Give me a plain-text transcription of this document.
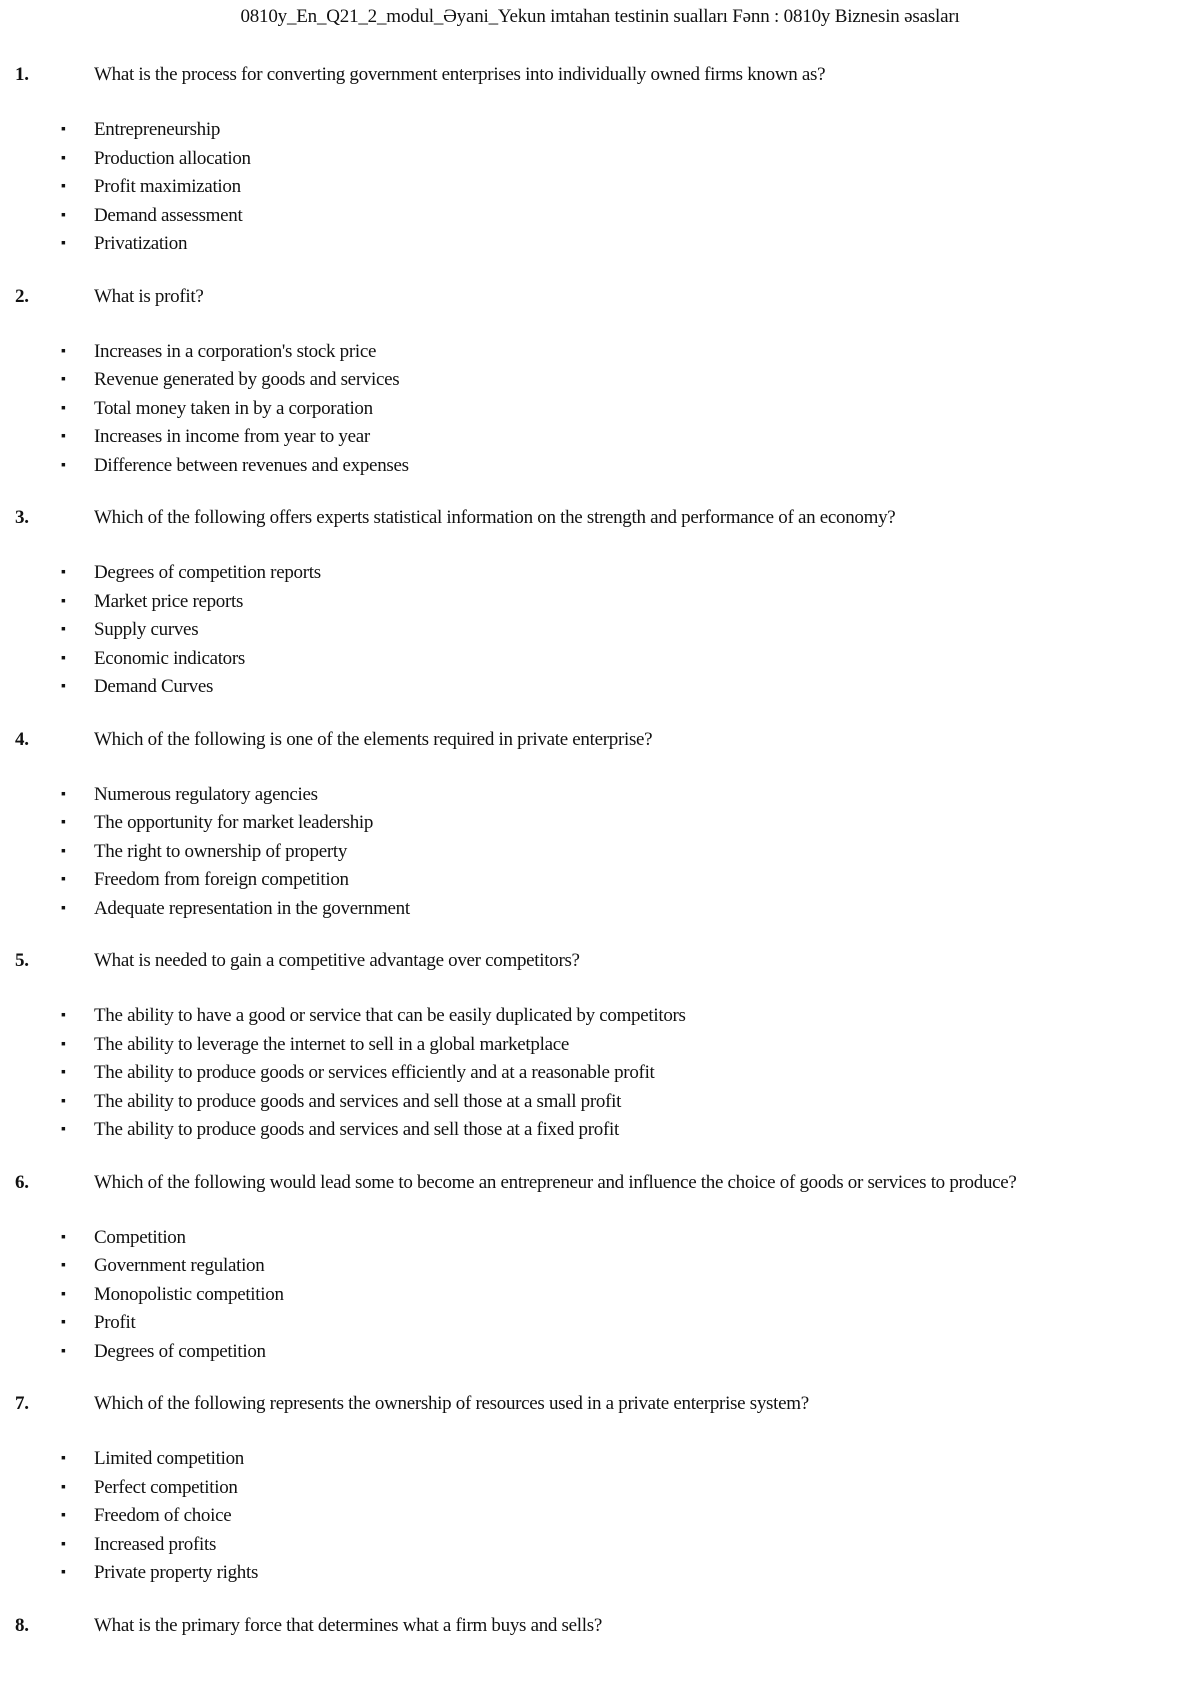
0810y_En_Q21_2_modul_Əyani_Yekun imtahan testinin sualları Fənn : 0810y Biznesin əsasları
1.	What is the process for converting government enterprises into individually owned firms known as?
▪ Entrepreneurship
▪ Production allocation
▪ Profit maximization
▪ Demand assessment
▪ Privatization
2.	What is profit?
▪ Increases in a corporation's stock price
▪ Revenue generated by goods and services
▪ Total money taken in by a corporation
▪ Increases in income from year to year
▪ Difference between revenues and expenses
3.	Which of the following offers experts statistical information on the strength and performance of an economy?
▪ Degrees of competition reports
▪ Market price reports
▪ Supply curves
▪ Economic indicators
▪ Demand Curves
4.	Which of the following is one of the elements required in private enterprise?
▪ Numerous regulatory agencies
▪ The opportunity for market leadership
▪ The right to ownership of property
▪ Freedom from foreign competition
▪ Adequate representation in the government
5.	What is needed to gain a competitive advantage over competitors?
▪ The ability to have a good or service that can be easily duplicated by competitors
▪ The ability to leverage the internet to sell in a global marketplace
▪ The ability to produce goods or services efficiently and at a reasonable profit
▪ The ability to produce goods and services and sell those at a small profit
▪ The ability to produce goods and services and sell those at a fixed profit
6.	Which of the following would lead some to become an entrepreneur and influence the choice of goods or services to produce?
▪ Competition
▪ Government regulation
▪ Monopolistic competition
▪ Profit
▪ Degrees of competition
7.	Which of the following represents the ownership of resources used in a private enterprise system?
▪ Limited competition
▪ Perfect competition
▪ Freedom of choice
▪ Increased profits
▪ Private property rights
8.	What is the primary force that determines what a firm buys and sells?
